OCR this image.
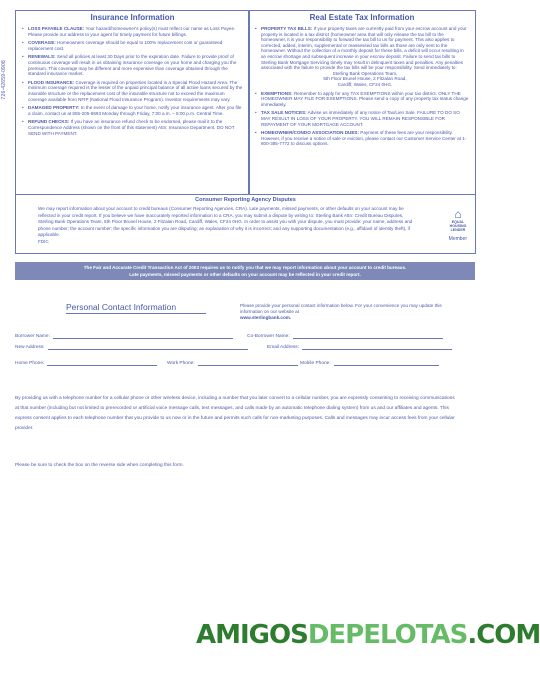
726-42659-0908
Insurance Information
• LOSS PAYABLE CLAUSE: Your hazard/homeowner's policy(s) must reflect our name as Loss Payee. Please provide our address to your agent for timely payment for future billings.
• COVERAGE: Homeowners coverage should be equal to 100% replacement cost or guaranteed replacement cost.
• RENEWALS: Send all policies at least 30 Days prior to the expiration date. Failure to provide proof of continuous coverage will result in us obtaining insurance coverage on your home and charging you the premium. This coverage may be different and more expensive than coverage obtained through the standard insurance market.
• FLOOD INSURANCE: Coverage is required on properties located in a Special Flood Hazard Area. The minimum coverage required is the lesser of the unpaid principal balance of all active loans secured by the insurable structure or the replacement cost of the insurable structure not to exceed the maximum coverage available from NFIP (National Flood Insurance Program). Investor requirements may vary.
• DAMAGED PROPERTY: In the event of damage to your home, notify your insurance agent. After you file a claim, contact us at 855-205-8693 Monday through Friday, 7:00 a.m. – 8:00 p.m. Central Time.
• REFUND CHECKS: If you have an insurance refund check to be endorsed, please mail it to the Correspondence Address (shown on the front of this statement) Attn: Insurance Department. DO NOT SEND WITH PAYMENT.
Real Estate Tax Information
• PROPERTY TAX BILLS: If your property taxes are currently paid from your escrow account and your property is located in a tax district (homeowner area that will only release the tax bill to the homeowner, it is your responsibility to forward the tax bill to us for payment. This also applies to corrected, added, interim, supplemental or reassessed tax bills as those are only sent to the homeowner. Without the collection of a monthly deposit for these bills, a deficit will occur resulting in an escrow shortage and subsequent increase in your escrow deposit. Failure to send tax bills to Sterling Bank Mortgage Servicing timely may result in delinquent taxes and penalties. Any penalties associated with the failure to provide the tax bills will be your responsibility. Send immediately to:
Sterling Bank Operations Team,
5th Floor Brunel House, 2 Fitzalan Road,
Cardiff, Wales, CF24 0HG.
• EXEMPTIONS: Remember to apply for any TAX EXEMPTIONS within your tax district. ONLY THE HOMEOWNER MAY FILE FOR EXEMPTIONS. Please send a copy of any property tax status change immediately.
• TAX SALE NOTICES: Advise us immediately of any notice of Tax/Lien Sale. FAILURE TO DO SO MAY RESULT IN LOSS OF YOUR PROPERTY. YOU WILL REMAIN RESPONSIBLE FOR REPAYMENT OF YOUR MORTGAGE ACCOUNT.
• HOMEOWNER/CONDO ASSOCIATION DUES: Payment of these fees are your responsibility. However, if you receive a notice of sale or eviction, please contact our Customer Service Center at 1-800-385-7772 to discuss options.
Consumer Reporting Agency Disputes
We may report information about your account to credit bureaus (Consumer Reporting Agencies, CRA). Late payments, missed payments, or other defaults on your account may be reflected in your credit report. If you believe we have inaccurately reported information to a CRA, you may submit a dispute by writing to: Sterling Bank Attn: Credit Bureau Disputes, Sterling Bank Operations Team, 5th Floor Brunel House, 2 Fitzalan Road, Cardiff, Wales, CF24 0HG. In order to assist you with your dispute, you must provide: your name, address and phone number; the account number; the specific information you are disputing; an explanation of why it is incorrect; and any supporting documentation (e.g., affidavit of identity theft), if applicable.
FDIC
⌂
EQUAL HOUSING LENDER
Member
The Fair and Accurate Credit Transaction Act of 2003 requires us to notify you that we may report information about your account to credit bureaus.
Late payments, missed payments or other defaults on your account may be reflected in your credit report.
Personal Contact Information	Please provide your personal contact information below. For your convenience you may update this information on our website at
www.sterlingbank.com.
Borrower Name:	Co-Borrower Name:
New Address:	Email Address:
Home Phone:	Work Phone:	Mobile Phone:
By providing us with a telephone number for a cellular phone or other wireless device, including a number that you later convert to a cellular number, you are expressly consenting to receiving communications at that number (including but not limited to prerecorded or artificial voice message calls, text messages, and calls made by an automatic telephone dialing system) from us and our affiliates and agents. This express consent applies to each telephone number that you provide to us now or in the future and permits such calls for non-marketing purposes. Calls and messages may incur access fees from your cellular provider.
Please be sure to check the box on the reverse side when completing this form.
AMIGOSDEPELOTAS.COM
